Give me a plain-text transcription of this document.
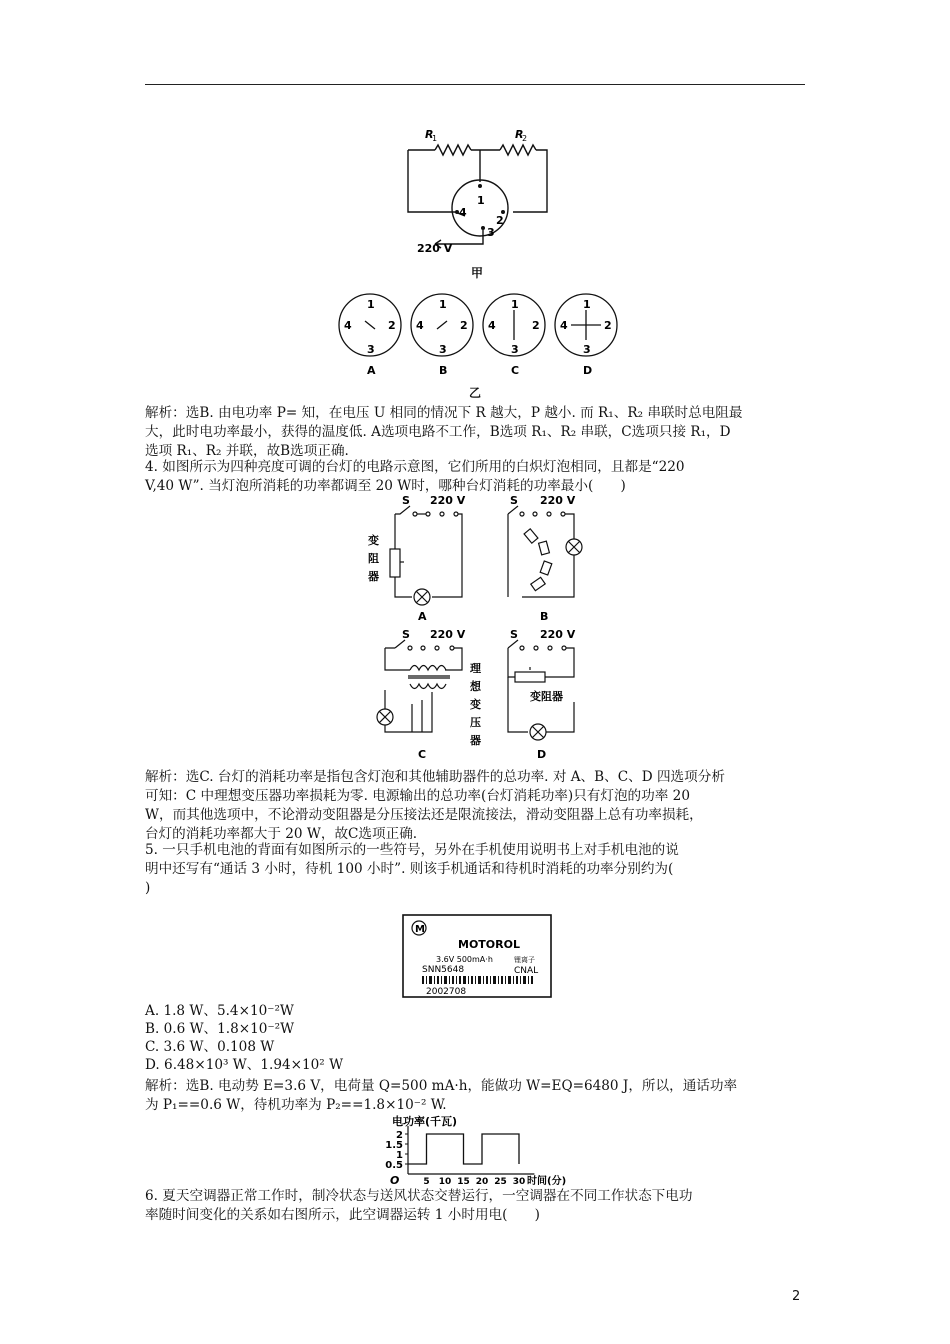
R
1	R
2
1
2
3
4
220 V
甲
1
2
3
4
1
2
3
4
1
2
3
4
1
2
3
4
A	B	C	D
乙
解析：选B. 由电功率 P= 知，在电压 U 相同的情况下 R 越大，P 越小. 而 R₁、R₂ 串联时总电阻最
大，此时电功率最小，获得的温度低. A选项电路不工作，B选项 R₁、R₂ 串联，C选项只接 R₁，D
选项 R₁、R₂ 并联，故B选项正确.
4. 如图所示为四种亮度可调的台灯的电路示意图，它们所用的白炽灯泡相同，且都是“220
V,40 W”. 当灯泡所消耗的功率都调至 20 W时，哪种台灯消耗的功率最小(　　)
S 220 V	S 220 V
S 220 V	S 220 V
变
阻
器
理
想
变
压
器
变阻器
A	B
C	D
解析：选C. 台灯的消耗功率是指包含灯泡和其他辅助器件的总功率. 对 A、B、C、D 四选项分析
可知：C 中理想变压器功率损耗为零. 电源输出的总功率(台灯消耗功率)只有灯泡的功率 20
W，而其他选项中，不论滑动变阻器是分压接法还是限流接法，滑动变阻器上总有功率损耗，
台灯的消耗功率都大于 20 W，故C选项正确.
5. 一只手机电池的背面有如图所示的一些符号，另外在手机使用说明书上对手机电池的说
明中还写有“通话 3 小时，待机 100 小时”. 则该手机通话和待机时消耗的功率分别约为(
)
M
MOTOROL
3.6V 500mA·h	锂离子
SNN5648	CNAL
2002708
A. 1.8 W、5.4×10⁻²W
B. 0.6 W、1.8×10⁻²W
C. 3.6 W、0.108 W
D. 6.48×10³ W、1.94×10² W
解析：选B. 电动势 E=3.6 V，电荷量 Q=500 mA·h，能做功 W=EQ=6480 J，所以，通话功率
为 P₁==0.6 W，待机功率为 P₂==1.8×10⁻² W.
电功率(千瓦)
O
2
1.5
1
0.5
5 10 15 20 25 30 时间(分)
6. 夏天空调器正常工作时，制冷状态与送风状态交替运行，一空调器在不同工作状态下电功
率随时间变化的关系如右图所示，此空调器运转 1 小时用电(　　)
2
